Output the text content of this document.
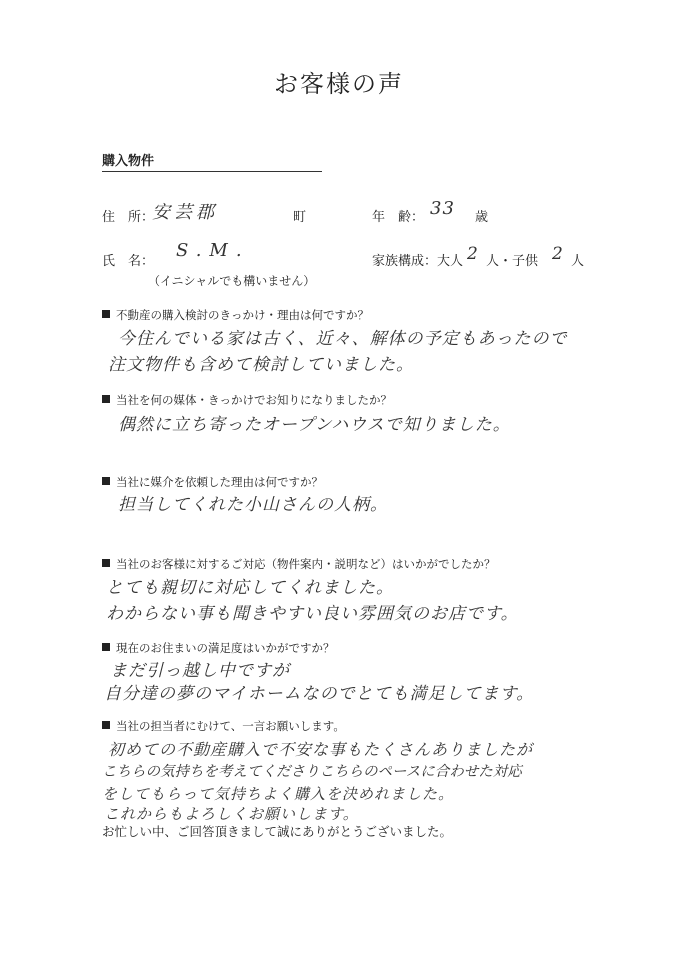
お客様の声
購入物件
住　所：
安芸郡	町	年　齢： 33 歳
氏　名：
S.M.
（イニシャルでも構いません）
家族構成：大人 2 人・子供 2 人
不動産の購入検討のきっかけ・理由は何ですか？
今住んでいる家は古く、近々、解体の予定もあったので
注文物件も含めて検討していました。
当社を何の媒体・きっかけでお知りになりましたか？
偶然に立ち寄ったオープンハウスで知りました。
当社に媒介を依頼した理由は何ですか？
担当してくれた小山さんの人柄。
当社のお客様に対するご対応（物件案内・説明など）はいかがでしたか？
とても親切に対応してくれました。
わからない事も聞きやすい良い雰囲気のお店です。
現在のお住まいの満足度はいかがですか？
まだ引っ越し中ですが
自分達の夢のマイホームなのでとても満足してます。
当社の担当者にむけて、一言お願いします。
初めての不動産購入で不安な事もたくさんありましたが
こちらの気持ちを考えてくださりこちらのペースに合わせた対応
をしてもらって気持ちよく購入を決めれました。
これからもよろしくお願いします。
お忙しい中、ご回答頂きまして誠にありがとうございました。
